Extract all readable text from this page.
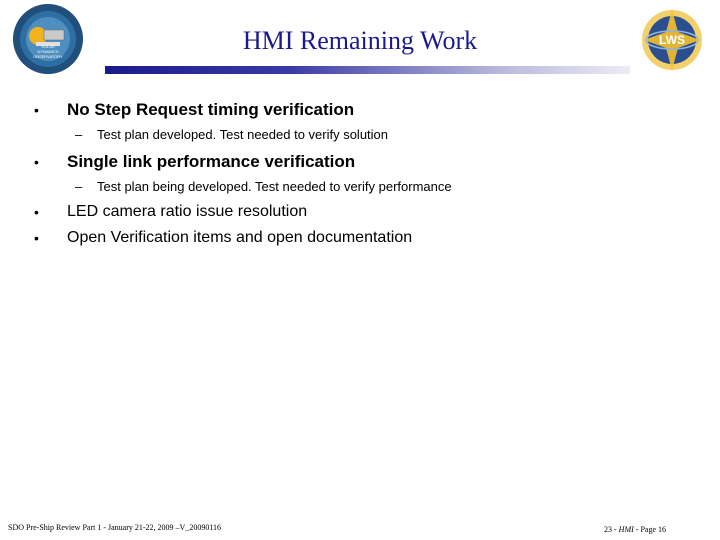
SOLAR
DYNAMICS
OBSERVATORY
LWS
HMI Remaining Work
• No Step Request timing verification
– Test plan developed. Test needed to verify solution
• Single link performance verification
– Test plan being developed. Test needed to verify performance
• LED camera ratio issue resolution
• Open Verification items and open documentation
SDO Pre-Ship Review Part 1 - January 21-22, 2009 –V_20090116	23 - HMI - Page 16
